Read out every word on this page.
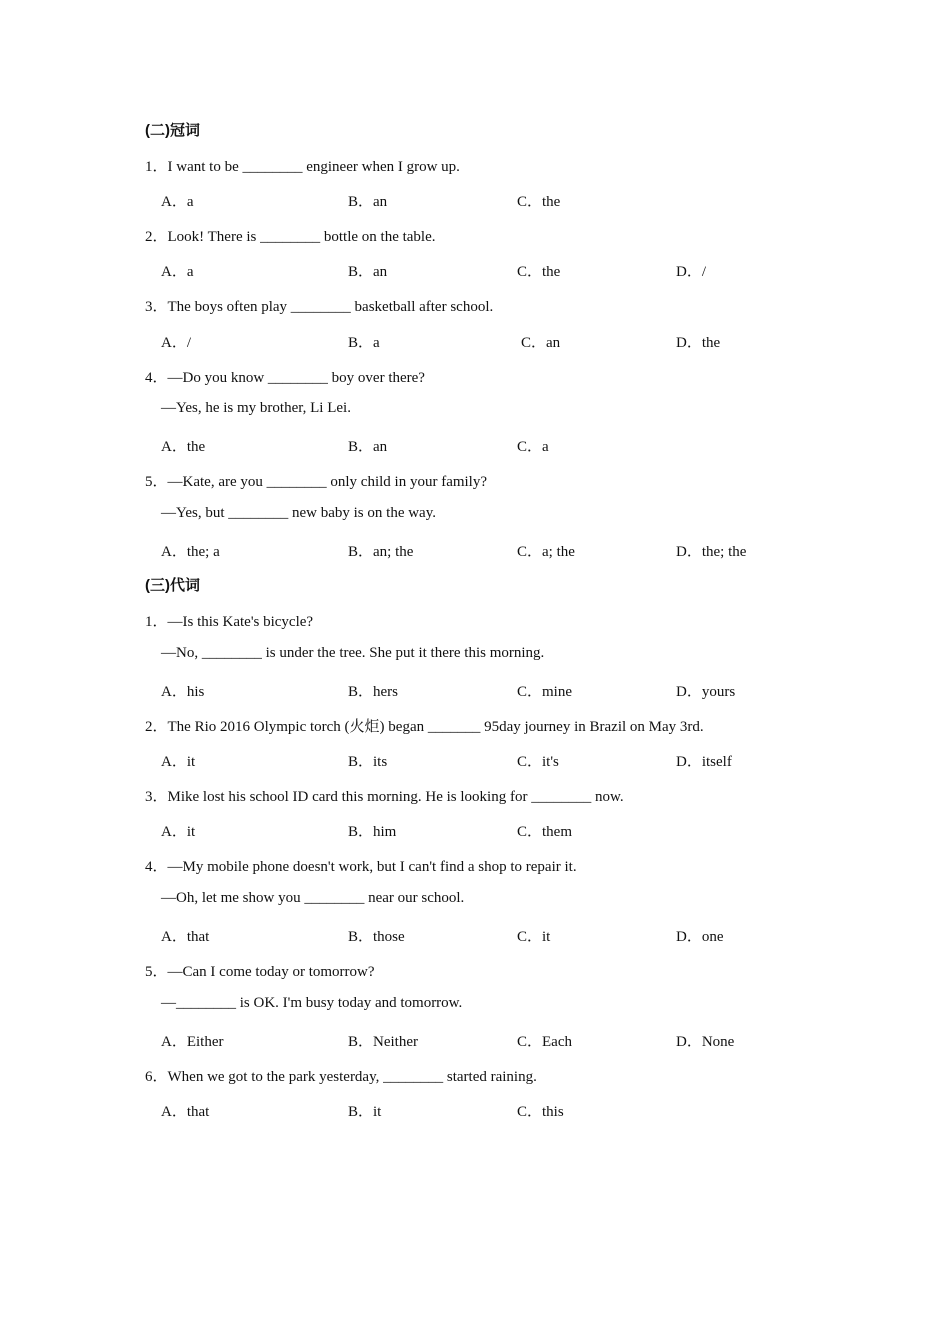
(二)冠词
1．I want to be ________ engineer when I grow up.
A．a	B．an	C．the
2．Look! There is ________ bottle on the table.
A．a	B．an	C．the	D．/
3．The boys often play ________ basketball after school.
A．/	B．a	C．an	D．the
4．—Do you know ________ boy over there?
—Yes, he is my brother, Li Lei.
A．the	B．an	C．a
5．—Kate, are you ________ only child in your family?
—Yes, but ________ new baby is on the way.
A．the; a	B．an; the	C．a; the	D．the; the
(三)代词
1．—Is this Kate's bicycle?
—No, ________ is under the tree. She put it there this morning.
A．his	B．hers	C．mine	D．yours
2．The Rio 2016 Olympic torch (火炬) began _______ 95day journey in Brazil on May 3rd.
A．it	B．its	C．it's	D．itself
3．Mike lost his school ID card this morning. He is looking for ________ now.
A．it	B．him	C．them
4．—My mobile phone doesn't work, but I can't find a shop to repair it.
—Oh, let me show you ________ near our school.
A．that	B．those	C．it	D．one
5．—Can I come today or tomorrow?
—________ is OK. I'm busy today and tomorrow.
A．Either	B．Neither	C．Each	D．None
6．When we got to the park yesterday, ________ started raining.
A．that	B．it	C．this
